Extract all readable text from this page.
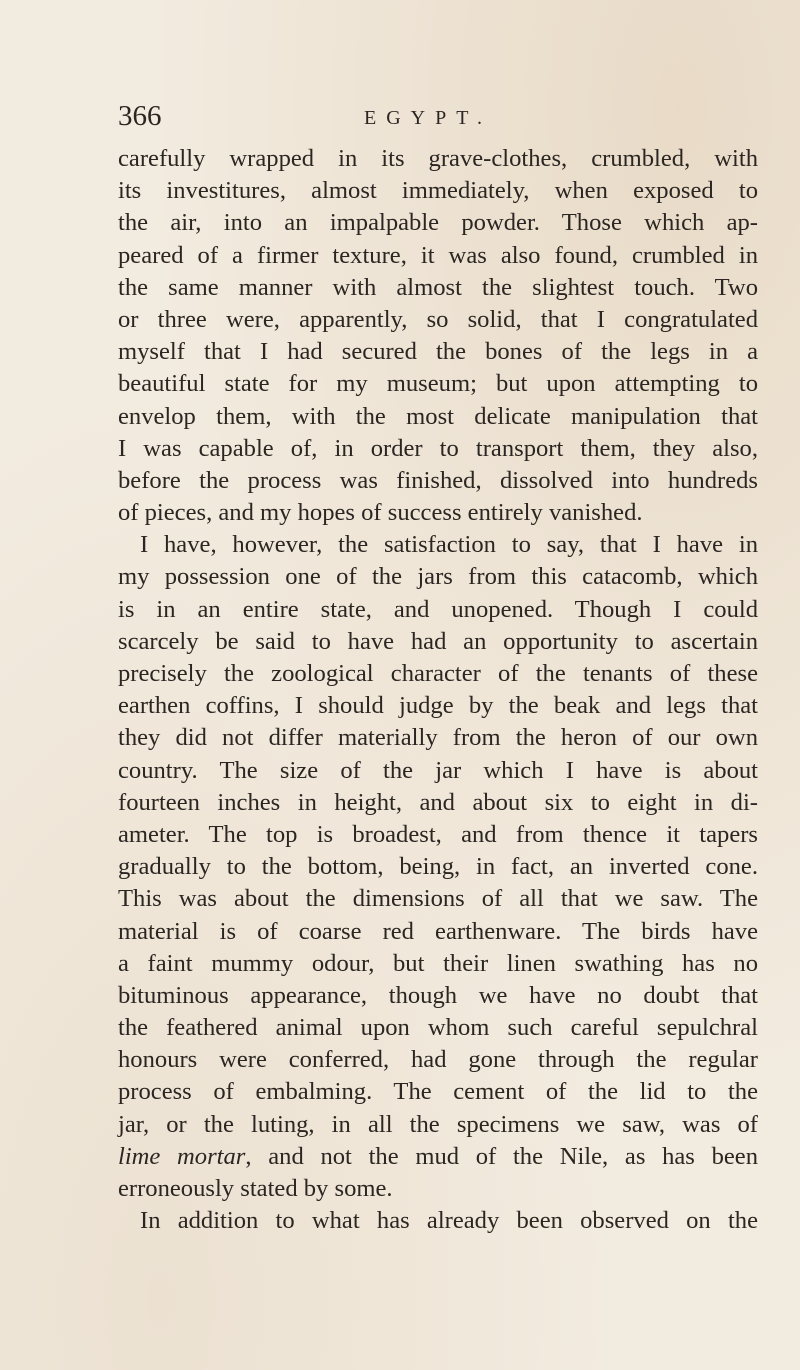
366	EGYPT.
carefully wrapped in its grave-clothes, crumbled, with
its investitures, almost immediately, when exposed to
the air, into an impalpable powder. Those which ap-
peared of a firmer texture, it was also found, crumbled in
the same manner with almost the slightest touch. Two
or three were, apparently, so solid, that I congratulated
myself that I had secured the bones of the legs in a
beautiful state for my museum; but upon attempting to
envelop them, with the most delicate manipulation that
I was capable of, in order to transport them, they also,
before the process was finished, dissolved into hundreds
of pieces, and my hopes of success entirely vanished.
I have, however, the satisfaction to say, that I have in
my possession one of the jars from this catacomb, which
is in an entire state, and unopened. Though I could
scarcely be said to have had an opportunity to ascertain
precisely the zoological character of the tenants of these
earthen coffins, I should judge by the beak and legs that
they did not differ materially from the heron of our own
country. The size of the jar which I have is about
fourteen inches in height, and about six to eight in di-
ameter. The top is broadest, and from thence it tapers
gradually to the bottom, being, in fact, an inverted cone.
This was about the dimensions of all that we saw. The
material is of coarse red earthenware. The birds have
a faint mummy odour, but their linen swathing has no
bituminous appearance, though we have no doubt that
the feathered animal upon whom such careful sepulchral
honours were conferred, had gone through the regular
process of embalming. The cement of the lid to the
jar, or the luting, in all the specimens we saw, was of
lime mortar, and not the mud of the Nile, as has been
erroneously stated by some.
In addition to what has already been observed on the
